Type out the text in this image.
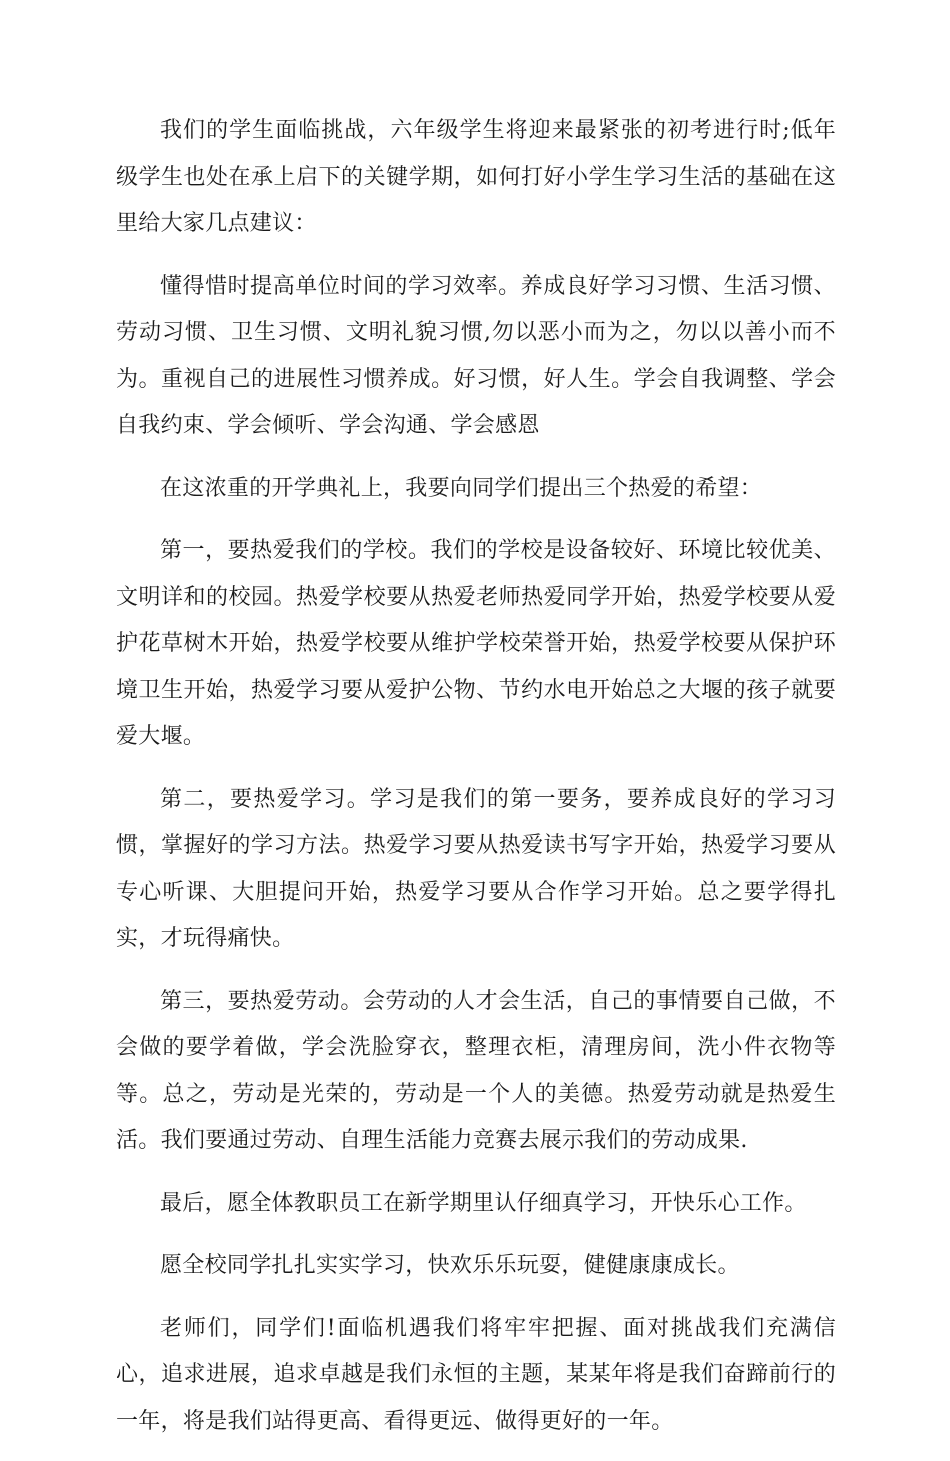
我们的学生面临挑战，六年级学生将迎来最紧张的初考进行时;低年级学生也处在承上启下的关键学期，如何打好小学生学习生活的基础在这里给大家几点建议：

懂得惜时提高单位时间的学习效率。养成良好学习习惯、生活习惯、劳动习惯、卫生习惯、文明礼貌习惯,勿以恶小而为之，勿以以善小而不为。重视自己的进展性习惯养成。好习惯，好人生。学会自我调整、学会自我约束、学会倾听、学会沟通、学会感恩

在这浓重的开学典礼上，我要向同学们提出三个热爱的希望：

第一，要热爱我们的学校。我们的学校是设备较好、环境比较优美、文明详和的校园。热爱学校要从热爱老师热爱同学开始，热爱学校要从爱护花草树木开始，热爱学校要从维护学校荣誉开始，热爱学校要从保护环境卫生开始，热爱学习要从爱护公物、节约水电开始总之大堰的孩子就要爱大堰。

第二，要热爱学习。学习是我们的第一要务，要养成良好的学习习惯，掌握好的学习方法。热爱学习要从热爱读书写字开始，热爱学习要从专心听课、大胆提问开始，热爱学习要从合作学习开始。总之要学得扎实，才玩得痛快。

第三，要热爱劳动。会劳动的人才会生活，自己的事情要自己做，不会做的要学着做，学会洗脸穿衣，整理衣柜，清理房间，洗小件衣物等等。总之，劳动是光荣的，劳动是一个人的美德。热爱劳动就是热爱生活。我们要通过劳动、自理生活能力竞赛去展示我们的劳动成果.

最后，愿全体教职员工在新学期里认仔细真学习，开快乐心工作。

愿全校同学扎扎实实学习，快欢乐乐玩耍，健健康康成长。

老师们，同学们!面临机遇我们将牢牢把握、面对挑战我们充满信心，追求进展，追求卓越是我们永恒的主题，某某年将是我们奋蹄前行的一年，将是我们站得更高、看得更远、做得更好的一年。
